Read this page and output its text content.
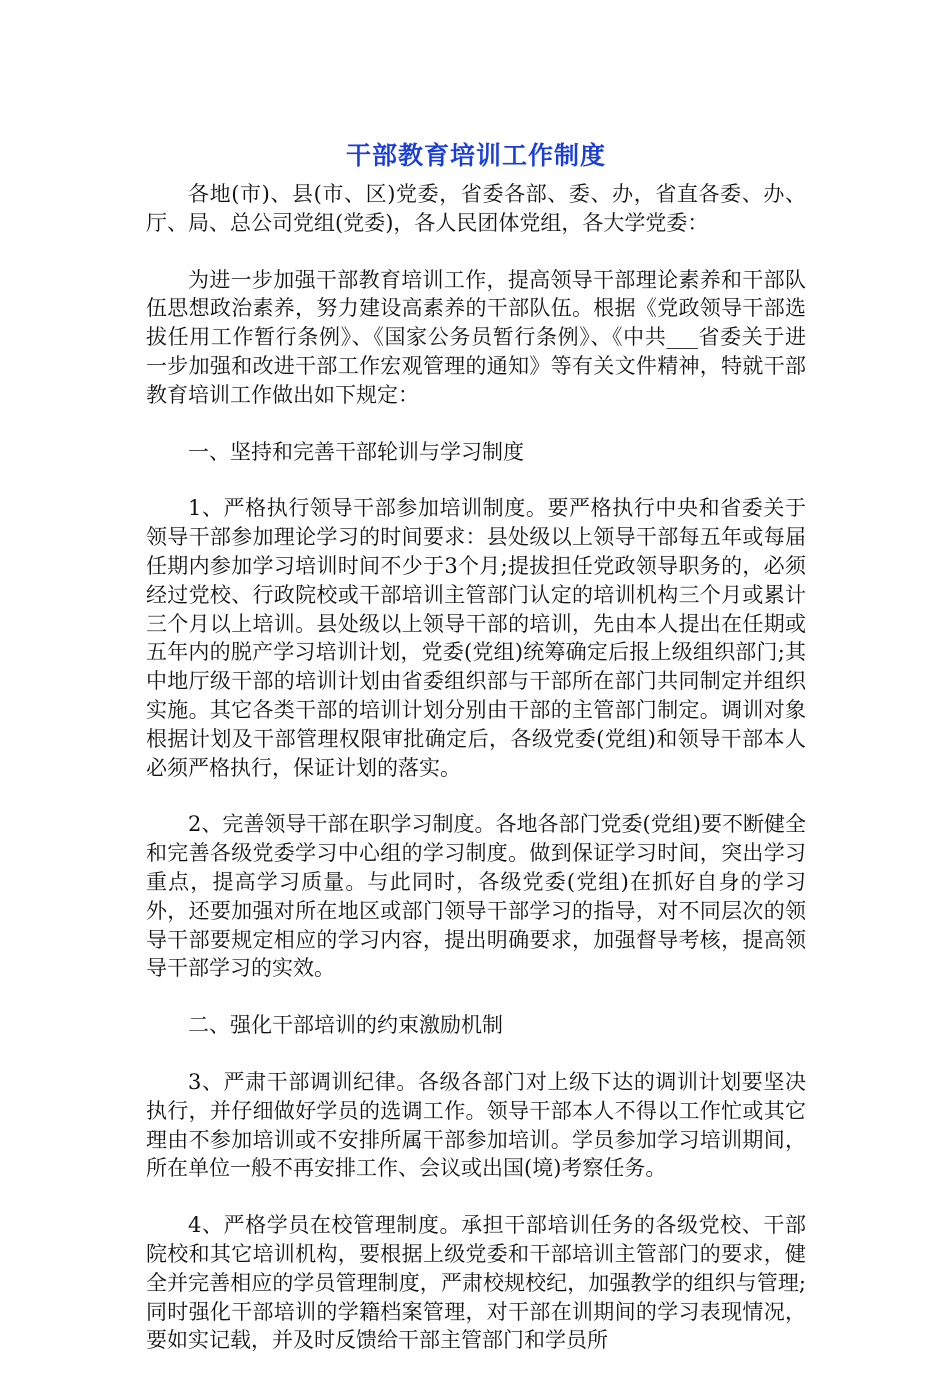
干部教育培训工作制度

各地(市)、县(市、区)党委，省委各部、委、办，省直各委、办、厅、局、总公司党组(党委)，各人民团体党组，各大学党委：

为进一步加强干部教育培训工作，提高领导干部理论素养和干部队伍思想政治素养，努力建设高素养的干部队伍。根据《党政领导干部选拔任用工作暂行条例》、《国家公务员暂行条例》、《中共___省委关于进一步加强和改进干部工作宏观管理的通知》等有关文件精神，特就干部教育培训工作做出如下规定：

一、坚持和完善干部轮训与学习制度

1、严格执行领导干部参加培训制度。要严格执行中央和省委关于领导干部参加理论学习的时间要求：县处级以上领导干部每五年或每届任期内参加学习培训时间不少于3个月;提拔担任党政领导职务的，必须经过党校、行政院校或干部培训主管部门认定的培训机构三个月或累计三个月以上培训。县处级以上领导干部的培训，先由本人提出在任期或五年内的脱产学习培训计划，党委(党组)统筹确定后报上级组织部门;其中地厅级干部的培训计划由省委组织部与干部所在部门共同制定并组织实施。其它各类干部的培训计划分别由干部的主管部门制定。调训对象根据计划及干部管理权限审批确定后，各级党委(党组)和领导干部本人必须严格执行，保证计划的落实。

2、完善领导干部在职学习制度。各地各部门党委(党组)要不断健全和完善各级党委学习中心组的学习制度。做到保证学习时间，突出学习重点，提高学习质量。与此同时，各级党委(党组)在抓好自身的学习外，还要加强对所在地区或部门领导干部学习的指导，对不同层次的领导干部要规定相应的学习内容，提出明确要求，加强督导考核，提高领导干部学习的实效。

二、强化干部培训的约束激励机制

3、严肃干部调训纪律。各级各部门对上级下达的调训计划要坚决执行，并仔细做好学员的选调工作。领导干部本人不得以工作忙或其它理由不参加培训或不安排所属干部参加培训。学员参加学习培训期间，所在单位一般不再安排工作、会议或出国(境)考察任务。

4、严格学员在校管理制度。承担干部培训任务的各级党校、干部院校和其它培训机构，要根据上级党委和干部培训主管部门的要求，健全并完善相应的学员管理制度，严肃校规校纪，加强教学的组织与管理;同时强化干部培训的学籍档案管理，对干部在训期间的学习表现情况，要如实记载，并及时反馈给干部主管部门和学员所
